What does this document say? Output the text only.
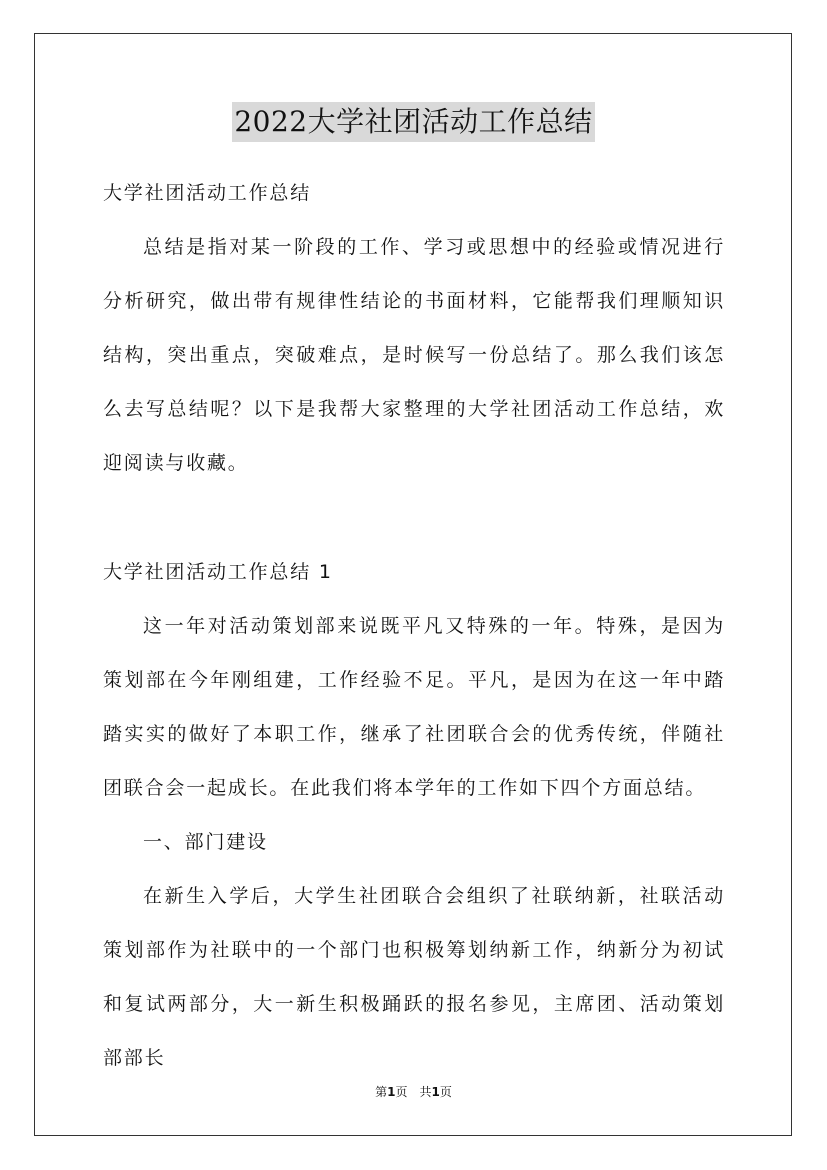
2022大学社团活动工作总结

大学社团活动工作总结

总结是指对某一阶段的工作、学习或思想中的经验或情况进行分析研究，做出带有规律性结论的书面材料，它能帮我们理顺知识结构，突出重点，突破难点，是时候写一份总结了。那么我们该怎么去写总结呢？以下是我帮大家整理的大学社团活动工作总结，欢迎阅读与收藏。

大学社团活动工作总结 1

这一年对活动策划部来说既平凡又特殊的一年。特殊，是因为策划部在今年刚组建，工作经验不足。平凡，是因为在这一年中踏踏实实的做好了本职工作，继承了社团联合会的优秀传统，伴随社团联合会一起成长。在此我们将本学年的工作如下四个方面总结。

一、部门建设

在新生入学后，大学生社团联合会组织了社联纳新，社联活动策划部作为社联中的一个部门也积极筹划纳新工作，纳新分为初试和复试两部分，大一新生积极踊跃的报名参见，主席团、活动策划部部长

第1页　共1页
